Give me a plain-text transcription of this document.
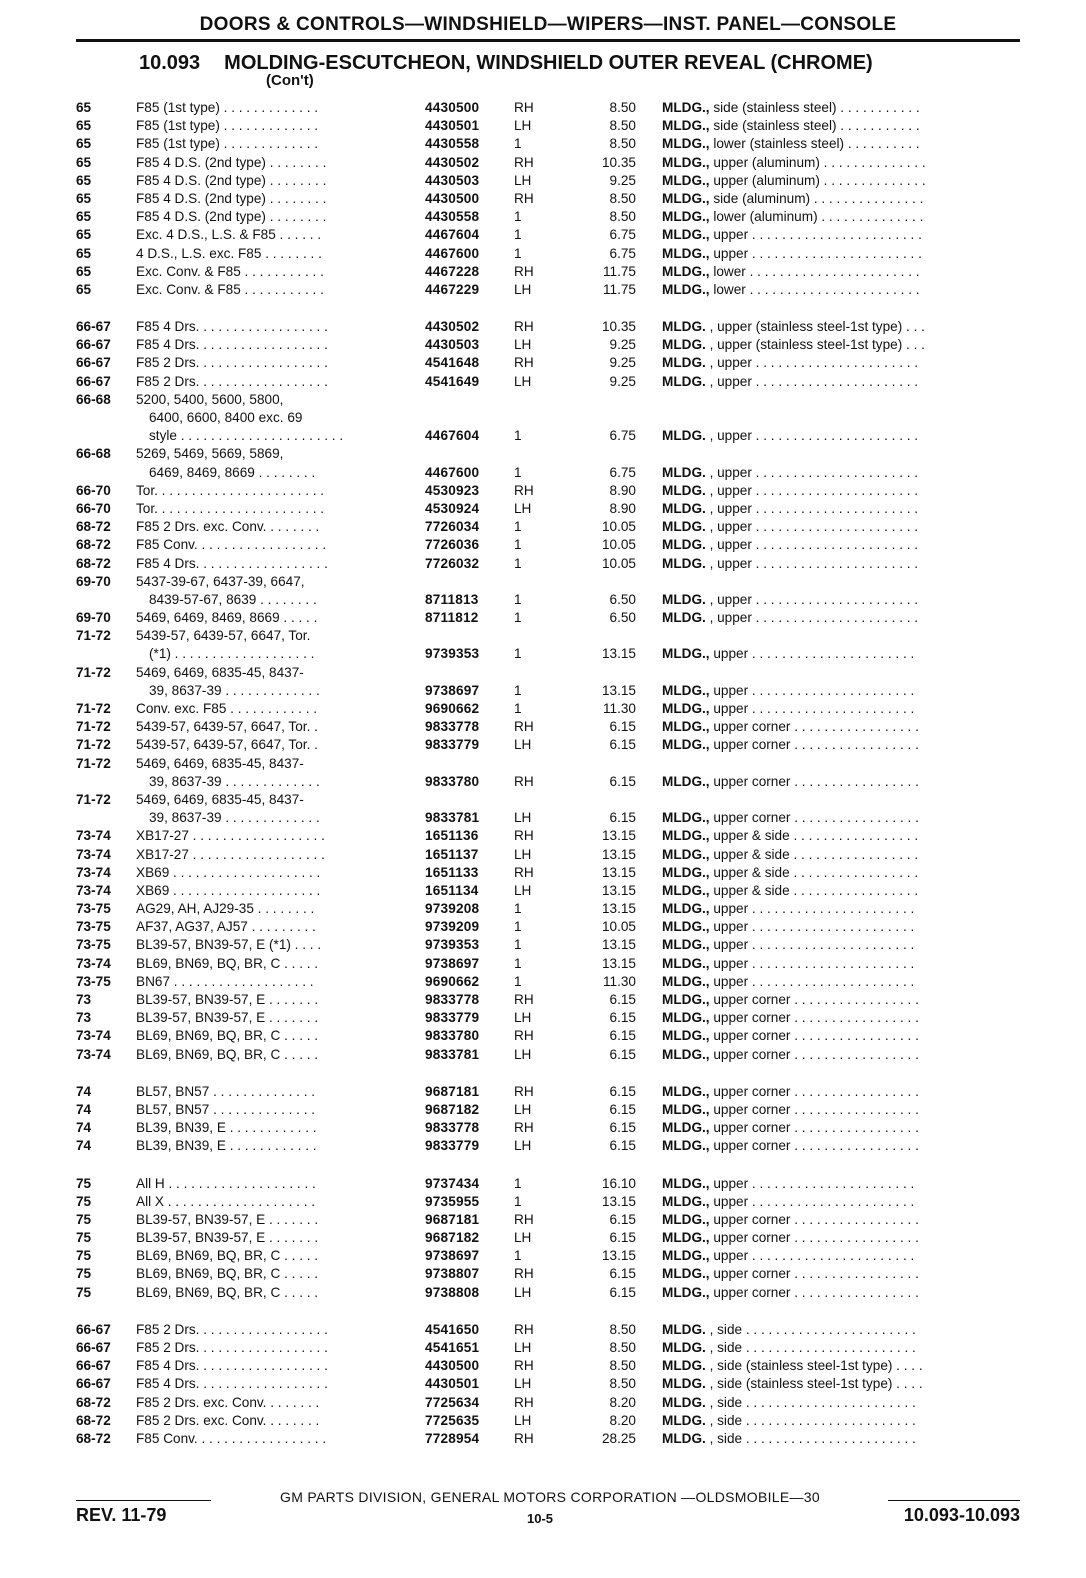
DOORS & CONTROLS—WINDSHIELD—WIPERS—INST. PANEL—CONSOLE
10.093 MOLDING-ESCUTCHEON, WINDSHIELD OUTER REVEAL (CHROME)
(Con't)
65	F85 (1st type) . . . . . . . . . . . . .	4430500	RH	8.50 MLDG., side (stainless steel) . . . . . . . . . . .
65	F85 (1st type) . . . . . . . . . . . . .	4430501	LH	8.50 MLDG., side (stainless steel) . . . . . . . . . . .
65	F85 (1st type) . . . . . . . . . . . . .	4430558	1	8.50 MLDG., lower (stainless steel) . . . . . . . . . .
65	F85 4 D.S. (2nd type) . . . . . . . .	4430502	RH	10.35 MLDG., upper (aluminum) . . . . . . . . . . . . . .
65	F85 4 D.S. (2nd type) . . . . . . . .	4430503	LH	9.25 MLDG., upper (aluminum) . . . . . . . . . . . . . .
65	F85 4 D.S. (2nd type) . . . . . . . .	4430500	RH	8.50 MLDG., side (aluminum) . . . . . . . . . . . . . . .
65	F85 4 D.S. (2nd type) . . . . . . . .	4430558	1	8.50 MLDG., lower (aluminum) . . . . . . . . . . . . . .
65	Exc. 4 D.S., L.S. & F85 . . . . . .	4467604	1	6.75 MLDG., upper . . . . . . . . . . . . . . . . . . . . . . .
65	4 D.S., L.S. exc. F85 . . . . . . . .	4467600	1	6.75 MLDG., upper . . . . . . . . . . . . . . . . . . . . . . .
65	Exc. Conv. & F85 . . . . . . . . . . .	4467228	RH	11.75 MLDG., lower . . . . . . . . . . . . . . . . . . . . . . .
65	Exc. Conv. & F85 . . . . . . . . . . .	4467229	LH	11.75 MLDG., lower . . . . . . . . . . . . . . . . . . . . . . .
66-67 F85 4 Drs. . . . . . . . . . . . . . . . . .	4430502	RH	10.35 MLDG. , upper (stainless steel-1st type) . . .
66-67 F85 4 Drs. . . . . . . . . . . . . . . . . .	4430503	LH	9.25 MLDG. , upper (stainless steel-1st type) . . .
66-67 F85 2 Drs. . . . . . . . . . . . . . . . . .	4541648	RH	9.25 MLDG. , upper . . . . . . . . . . . . . . . . . . . . . .
66-67 F85 2 Drs. . . . . . . . . . . . . . . . . .	4541649	LH	9.25 MLDG. , upper . . . . . . . . . . . . . . . . . . . . . .
66-68 5200, 5400, 5600, 5800,
6400, 6600, 8400 exc. 69
style . . . . . . . . . . . . . . . . . . . . . .	4467604	1	6.75 MLDG. , upper . . . . . . . . . . . . . . . . . . . . . .
66-68 5269, 5469, 5669, 5869,
6469, 8469, 8669 . . . . . . . .	4467600	1	6.75 MLDG. , upper . . . . . . . . . . . . . . . . . . . . . .
66-70 Tor. . . . . . . . . . . . . . . . . . . . . . .	4530923	RH	8.90 MLDG. , upper . . . . . . . . . . . . . . . . . . . . . .
66-70 Tor. . . . . . . . . . . . . . . . . . . . . . .	4530924	LH	8.90 MLDG. , upper . . . . . . . . . . . . . . . . . . . . . .
68-72 F85 2 Drs. exc. Conv. . . . . . . .	7726034	1	10.05 MLDG. , upper . . . . . . . . . . . . . . . . . . . . . .
68-72 F85 Conv. . . . . . . . . . . . . . . . . .	7726036	1	10.05 MLDG. , upper . . . . . . . . . . . . . . . . . . . . . .
68-72 F85 4 Drs. . . . . . . . . . . . . . . . . .	7726032	1	10.05 MLDG. , upper . . . . . . . . . . . . . . . . . . . . . .
69-70 5437-39-67, 6437-39, 6647,
8439-57-67, 8639 . . . . . . . .	8711813	1	6.50 MLDG. , upper . . . . . . . . . . . . . . . . . . . . . .
69-70 5469, 6469, 8469, 8669 . . . . .	8711812	1	6.50 MLDG. , upper . . . . . . . . . . . . . . . . . . . . . .
71-72 5439-57, 6439-57, 6647, Tor.
(*1) . . . . . . . . . . . . . . . . . . .	9739353	1	13.15 MLDG., upper . . . . . . . . . . . . . . . . . . . . . .
71-72 5469, 6469, 6835-45, 8437-
39, 8637-39 . . . . . . . . . . . . .	9738697	1	13.15 MLDG., upper . . . . . . . . . . . . . . . . . . . . . .
71-72 Conv. exc. F85 . . . . . . . . . . . .	9690662	1	11.30 MLDG., upper . . . . . . . . . . . . . . . . . . . . . .
71-72 5439-57, 6439-57, 6647, Tor. .	9833778	RH	6.15 MLDG., upper corner . . . . . . . . . . . . . . . . .
71-72 5439-57, 6439-57, 6647, Tor. .	9833779	LH	6.15 MLDG., upper corner . . . . . . . . . . . . . . . . .
71-72 5469, 6469, 6835-45, 8437-
39, 8637-39 . . . . . . . . . . . . .	9833780	RH	6.15 MLDG., upper corner . . . . . . . . . . . . . . . . .
71-72 5469, 6469, 6835-45, 8437-
39, 8637-39 . . . . . . . . . . . . .	9833781	LH	6.15 MLDG., upper corner . . . . . . . . . . . . . . . . .
73-74 XB17-27 . . . . . . . . . . . . . . . . . .	1651136	RH	13.15 MLDG., upper & side . . . . . . . . . . . . . . . . .
73-74 XB17-27 . . . . . . . . . . . . . . . . . .	1651137	LH	13.15 MLDG., upper & side . . . . . . . . . . . . . . . . .
73-74 XB69 . . . . . . . . . . . . . . . . . . . .	1651133	RH	13.15 MLDG., upper & side . . . . . . . . . . . . . . . . .
73-74 XB69 . . . . . . . . . . . . . . . . . . . .	1651134	LH	13.15 MLDG., upper & side . . . . . . . . . . . . . . . . .
73-75 AG29, AH, AJ29-35 . . . . . . . .	9739208	1	13.15 MLDG., upper . . . . . . . . . . . . . . . . . . . . . .
73-75 AF37, AG37, AJ57 . . . . . . . . .	9739209	1	10.05 MLDG., upper . . . . . . . . . . . . . . . . . . . . . .
73-75 BL39-57, BN39-57, E (*1) . . . .	9739353	1	13.15 MLDG., upper . . . . . . . . . . . . . . . . . . . . . .
73-74 BL69, BN69, BQ, BR, C . . . . .	9738697	1	13.15 MLDG., upper . . . . . . . . . . . . . . . . . . . . . .
73-75 BN67 . . . . . . . . . . . . . . . . . . .	9690662	1	11.30 MLDG., upper . . . . . . . . . . . . . . . . . . . . . .
73	BL39-57, BN39-57, E . . . . . . .	9833778	RH	6.15 MLDG., upper corner . . . . . . . . . . . . . . . . .
73	BL39-57, BN39-57, E . . . . . . .	9833779	LH	6.15 MLDG., upper corner . . . . . . . . . . . . . . . . .
73-74 BL69, BN69, BQ, BR, C . . . . .	9833780	RH	6.15 MLDG., upper corner . . . . . . . . . . . . . . . . .
73-74 BL69, BN69, BQ, BR, C . . . . .	9833781	LH	6.15 MLDG., upper corner . . . . . . . . . . . . . . . . .
74	BL57, BN57 . . . . . . . . . . . . . .	9687181	RH	6.15 MLDG., upper corner . . . . . . . . . . . . . . . . .
74	BL57, BN57 . . . . . . . . . . . . . .	9687182	LH	6.15 MLDG., upper corner . . . . . . . . . . . . . . . . .
74	BL39, BN39, E . . . . . . . . . . . .	9833778	RH	6.15 MLDG., upper corner . . . . . . . . . . . . . . . . .
74	BL39, BN39, E . . . . . . . . . . . .	9833779	LH	6.15 MLDG., upper corner . . . . . . . . . . . . . . . . .
75	All H . . . . . . . . . . . . . . . . . . . .	9737434	1	16.10 MLDG., upper . . . . . . . . . . . . . . . . . . . . . .
75	All X . . . . . . . . . . . . . . . . . . . .	9735955	1	13.15 MLDG., upper . . . . . . . . . . . . . . . . . . . . . .
75	BL39-57, BN39-57, E . . . . . . .	9687181	RH	6.15 MLDG., upper corner . . . . . . . . . . . . . . . . .
75	BL39-57, BN39-57, E . . . . . . .	9687182	LH	6.15 MLDG., upper corner . . . . . . . . . . . . . . . . .
75	BL69, BN69, BQ, BR, C . . . . .	9738697	1	13.15 MLDG., upper . . . . . . . . . . . . . . . . . . . . . .
75	BL69, BN69, BQ, BR, C . . . . .	9738807	RH	6.15 MLDG., upper corner . . . . . . . . . . . . . . . . .
75	BL69, BN69, BQ, BR, C . . . . .	9738808	LH	6.15 MLDG., upper corner . . . . . . . . . . . . . . . . .
66-67 F85 2 Drs. . . . . . . . . . . . . . . . . .	4541650	RH	8.50 MLDG. , side . . . . . . . . . . . . . . . . . . . . . . .
66-67 F85 2 Drs. . . . . . . . . . . . . . . . . .	4541651	LH	8.50 MLDG. , side . . . . . . . . . . . . . . . . . . . . . . .
66-67 F85 4 Drs. . . . . . . . . . . . . . . . . .	4430500	RH	8.50 MLDG. , side (stainless steel-1st type) . . . .
66-67 F85 4 Drs. . . . . . . . . . . . . . . . . .	4430501	LH	8.50 MLDG. , side (stainless steel-1st type) . . . .
68-72 F85 2 Drs. exc. Conv. . . . . . . .	7725634	RH	8.20 MLDG. , side . . . . . . . . . . . . . . . . . . . . . . .
68-72 F85 2 Drs. exc. Conv. . . . . . . .	7725635	LH	8.20 MLDG. , side . . . . . . . . . . . . . . . . . . . . . . .
68-72 F85 Conv. . . . . . . . . . . . . . . . . .	7728954	RH	28.25 MLDG. , side . . . . . . . . . . . . . . . . . . . . . . .
GM PARTS DIVISION, GENERAL MOTORS CORPORATION —OLDSMOBILE—30
REV. 11-79	10-5	10.093-10.093
